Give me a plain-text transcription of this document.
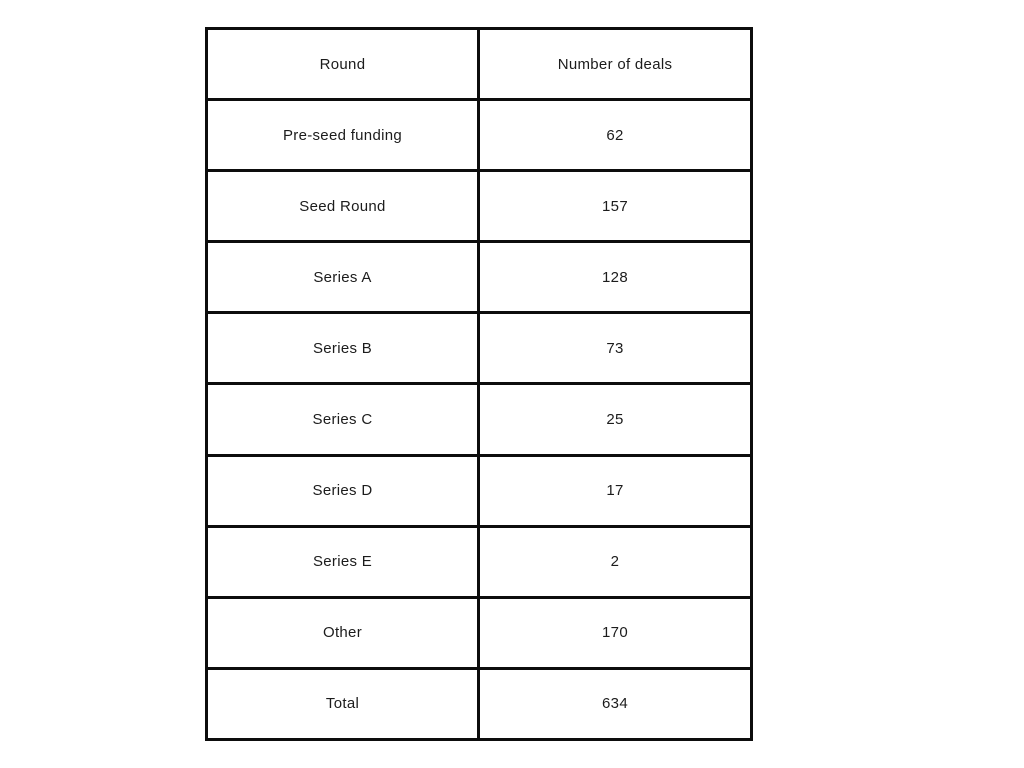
Round	Number of deals
Pre-seed funding	62
Seed Round	157
Series A	128
Series B	73
Series C	25
Series D	17
Series E	2
Other	170
Total	634
